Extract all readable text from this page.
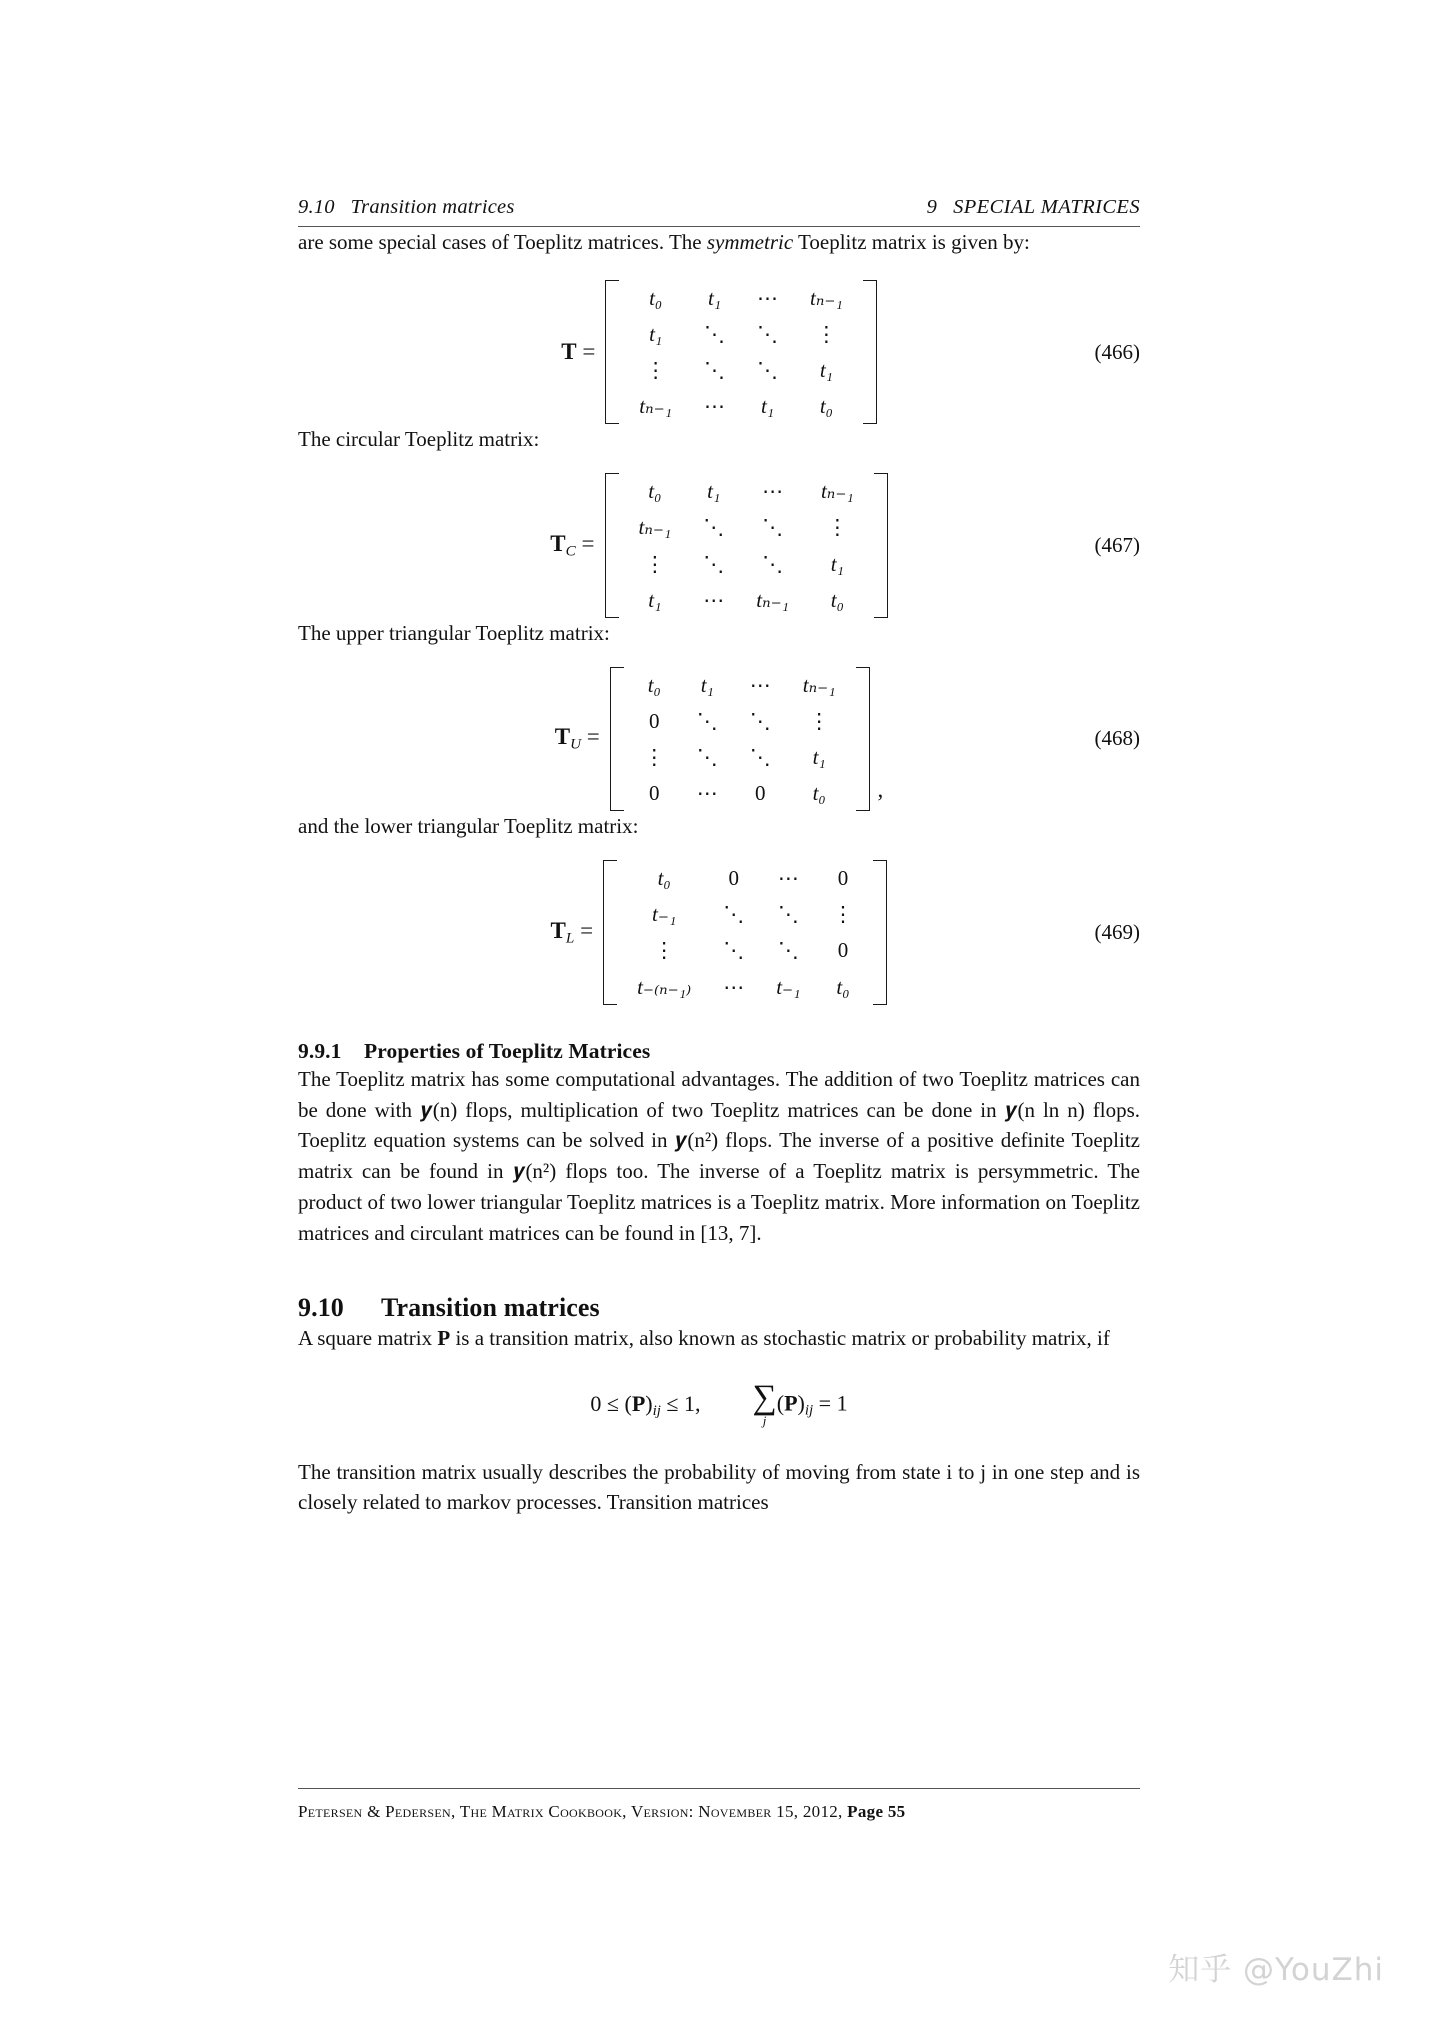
9.10 Transition matrices	9 SPECIAL MATRICES

are some special cases of Toeplitz matrices. The symmetric Toeplitz matrix is given by:

T =
t₀	t₁	⋯	tₙ₋₁
t₁	⋱	⋱	⋮
⋮	⋱	⋱	t₁
tₙ₋₁	⋯	t₁	t₀
(466)

The circular Toeplitz matrix:

$T_C$ =
t₀	t₁	⋯	tₙ₋₁
tₙ₋₁	⋱	⋱	⋮
⋮	⋱	⋱	t₁
t₁	⋯	tₙ₋₁	t₀
(467)

The upper triangular Toeplitz matrix:

$T_U$ =
t₀	t₁	⋯	tₙ₋₁
0	⋱	⋱	⋮
⋮	⋱	⋱	t₁
0	⋯	0	t₀ ,
(468)

and the lower triangular Toeplitz matrix:

$T_L$ =
t₀	0	⋯	0
t₋₁	⋱	⋱	⋮
⋮	⋱	⋱	0
t₋₍ₙ₋₁₎	⋯	t₋₁	t₀
(469)
9.9.1 Properties of Toeplitz Matrices

The Toeplitz matrix has some computational advantages. The addition of two Toeplitz matrices can be done with 𝒚(n) flops, multiplication of two Toeplitz matrices can be done in 𝒚(n ln n) flops. Toeplitz equation systems can be solved in 𝒚(n²) flops. The inverse of a positive definite Toeplitz matrix can be found in 𝒚(n²) flops too. The inverse of a Toeplitz matrix is persymmetric. The product of two lower triangular Toeplitz matrices is a Toeplitz matrix. More information on Toeplitz matrices and circulant matrices can be found in [13, 7].

9.10 Transition matrices

A square matrix P is a transition matrix, also known as stochastic matrix or probability matrix, if

0 ≤ (P)ij ≤ 1, ∑
j
(P)ij = 1

The transition matrix usually describes the probability of moving from state i to j in one step and is closely related to markov processes. Transition matrices

Petersen & Pedersen, The Matrix Cookbook, Version: November 15, 2012, Page 55
知乎 @YouZhi
